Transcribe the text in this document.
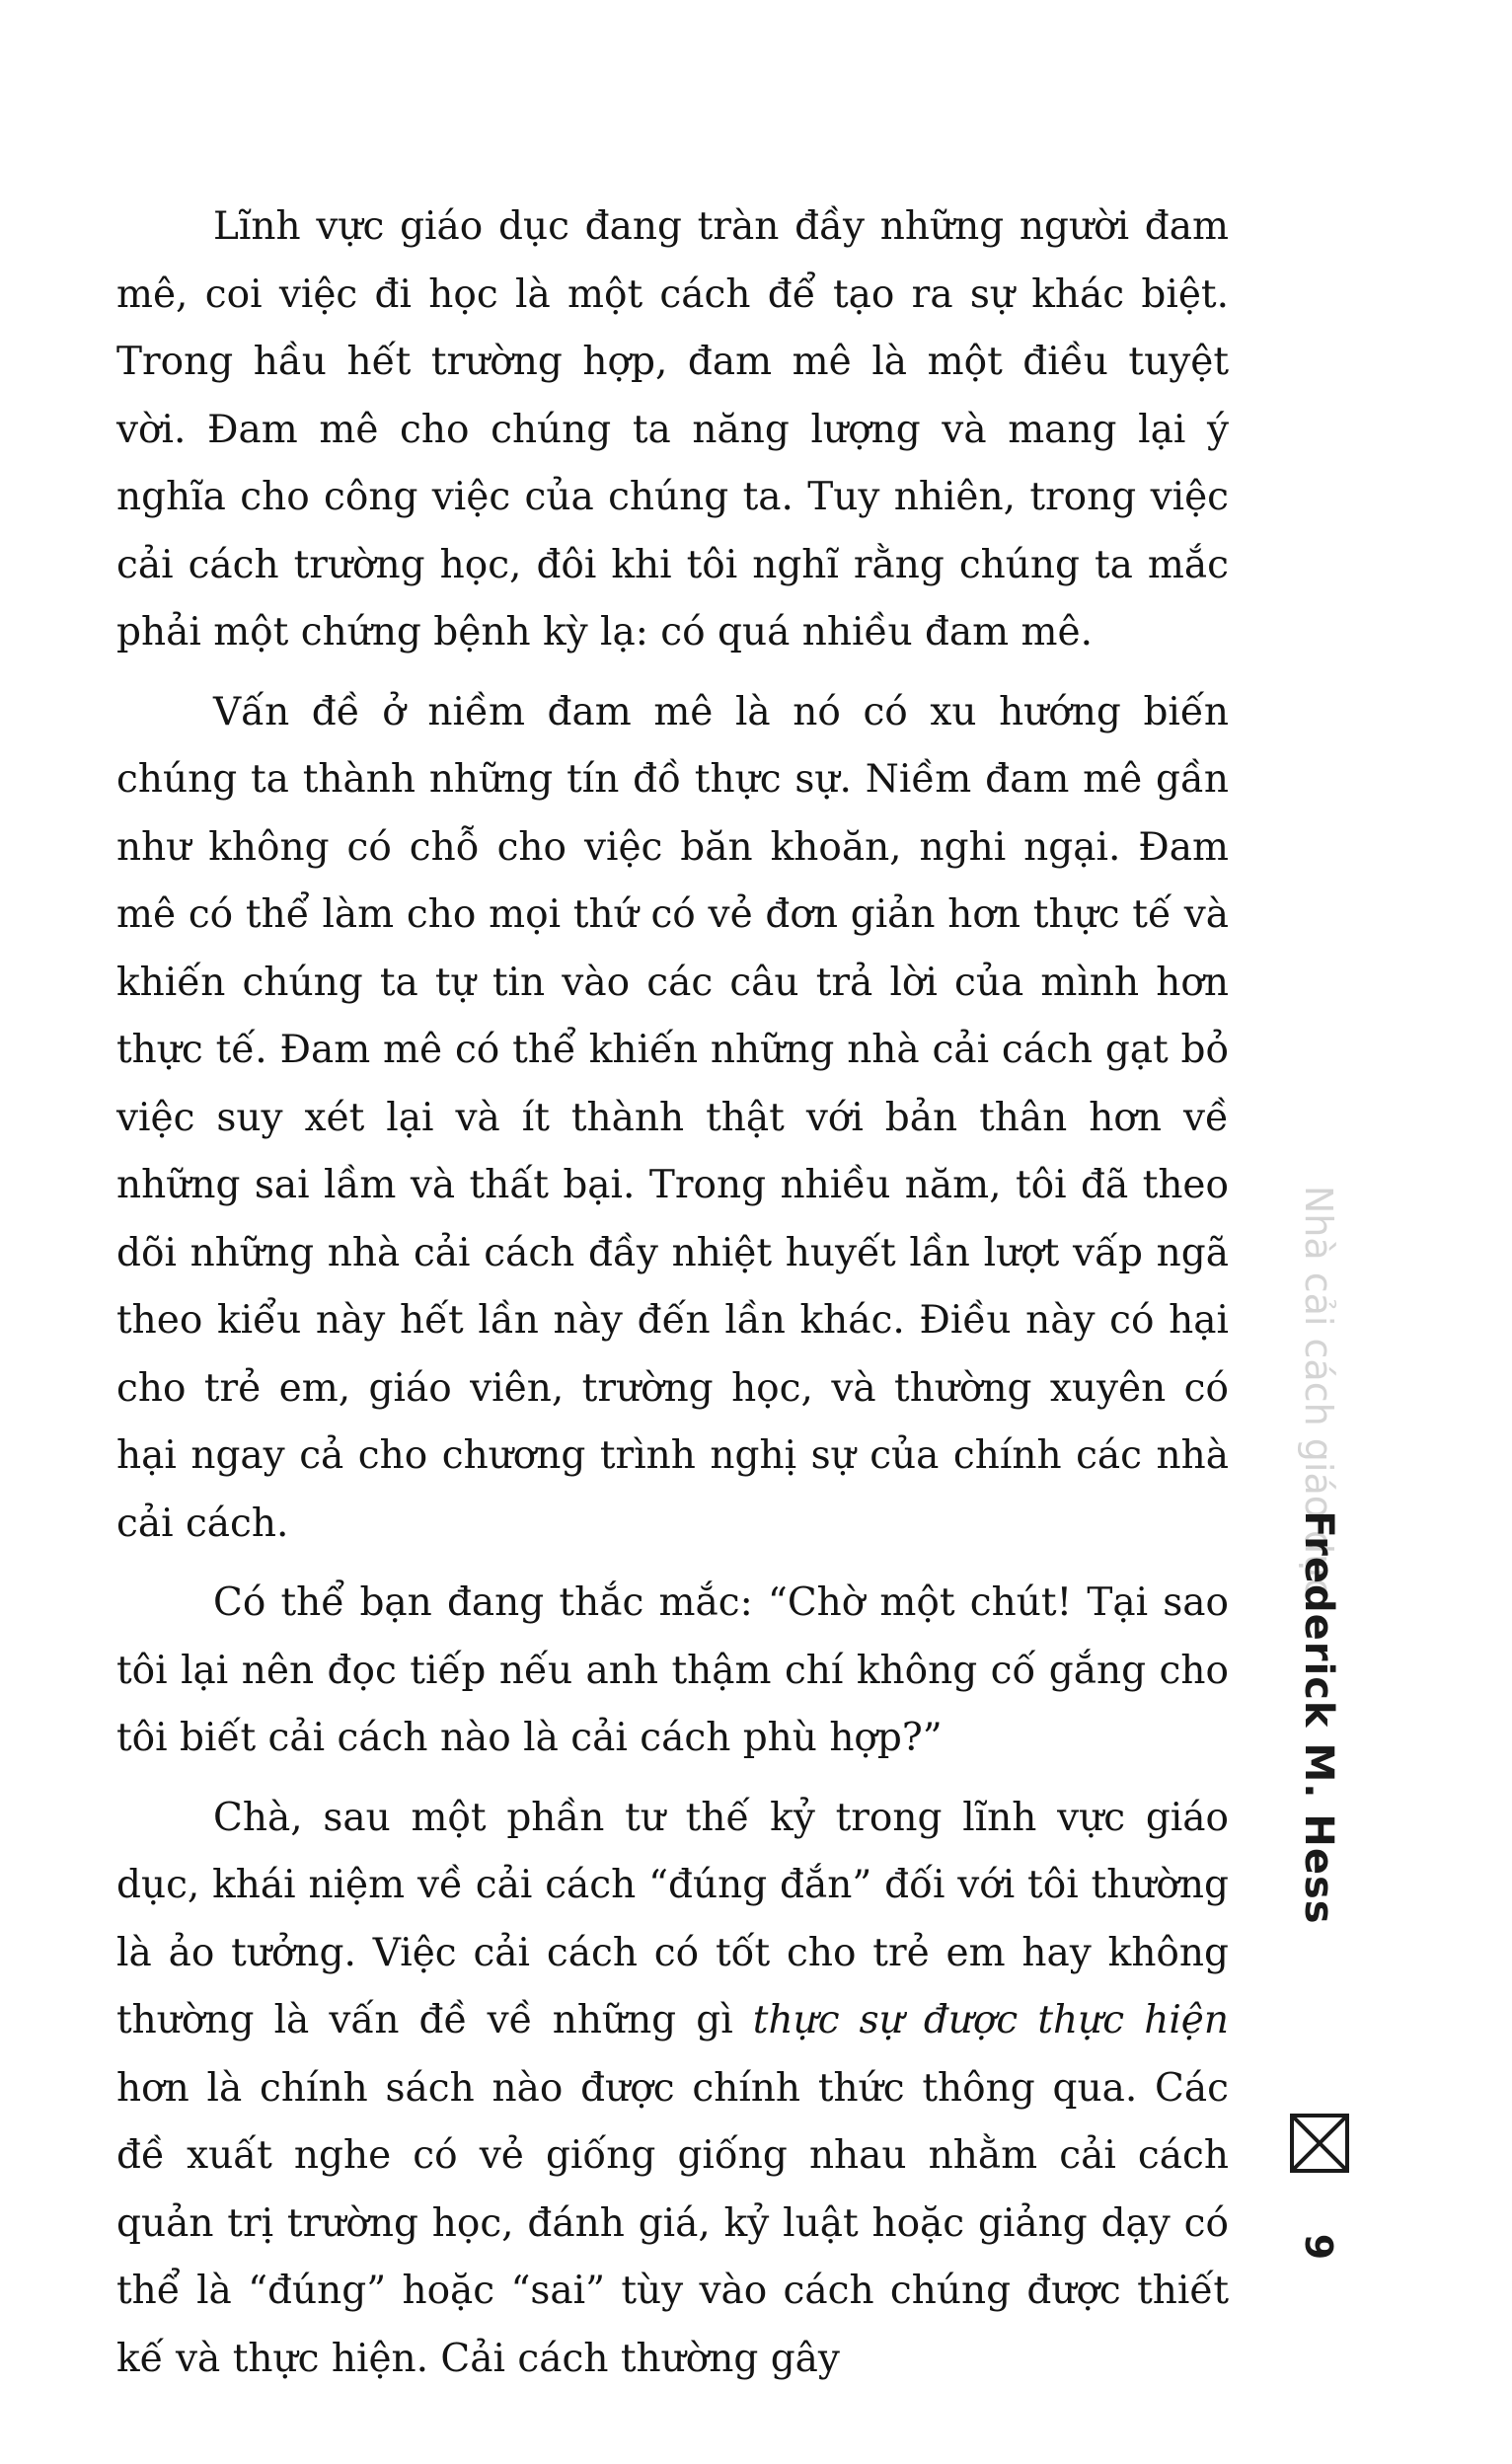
Lĩnh vực giáo dục đang tràn đầy những người đam mê, coi việc đi học là một cách để tạo ra sự khác biệt. Trong hầu hết trường hợp, đam mê là một điều tuyệt vời. Đam mê cho chúng ta năng lượng và mang lại ý nghĩa cho công việc của chúng ta. Tuy nhiên, trong việc cải cách trường học, đôi khi tôi nghĩ rằng chúng ta mắc phải một chứng bệnh kỳ lạ: có quá nhiều đam mê.

Vấn đề ở niềm đam mê là nó có xu hướng biến chúng ta thành những tín đồ thực sự. Niềm đam mê gần như không có chỗ cho việc băn khoăn, nghi ngại. Đam mê có thể làm cho mọi thứ có vẻ đơn giản hơn thực tế và khiến chúng ta tự tin vào các câu trả lời của mình hơn thực tế. Đam mê có thể khiến những nhà cải cách gạt bỏ việc suy xét lại và ít thành thật với bản thân hơn về những sai lầm và thất bại. Trong nhiều năm, tôi đã theo dõi những nhà cải cách đầy nhiệt huyết lần lượt vấp ngã theo kiểu này hết lần này đến lần khác. Điều này có hại cho trẻ em, giáo viên, trường học, và thường xuyên có hại ngay cả cho chương trình nghị sự của chính các nhà cải cách.

Có thể bạn đang thắc mắc: “Chờ một chút! Tại sao tôi lại nên đọc tiếp nếu anh thậm chí không cố gắng cho tôi biết cải cách nào là cải cách phù hợp?”

Chà, sau một phần tư thế kỷ trong lĩnh vực giáo dục, khái niệm về cải cách “đúng đắn” đối với tôi thường là ảo tưởng. Việc cải cách có tốt cho trẻ em hay không thường là vấn đề về những gì thực sự được thực hiện hơn là chính sách nào được chính thức thông qua. Các đề xuất nghe có vẻ giống giống nhau nhằm cải cách quản trị trường học, đánh giá, kỷ luật hoặc giảng dạy có thể là “đúng” hoặc “sai” tùy vào cách chúng được thiết kế và thực hiện. Cải cách thường gây

Nhà cải cách giáo dục
Frederick M. Hess
9
